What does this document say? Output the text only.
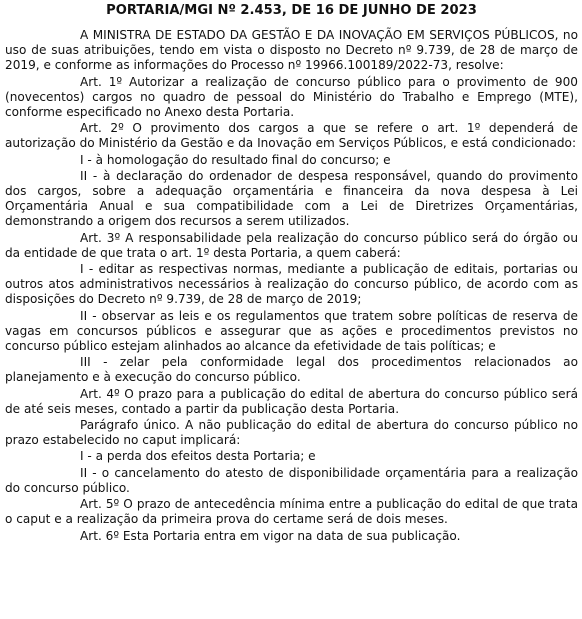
PORTARIA/MGI Nº 2.453, DE 16 DE JUNHO DE 2023

A MINISTRA DE ESTADO DA GESTÃO E DA INOVAÇÃO EM SERVIÇOS PÚBLICOS, no uso de suas atribuições, tendo em vista o disposto no Decreto nº 9.739, de 28 de março de 2019, e conforme as informações do Processo nº 19966.100189/2022-73, resolve:

Art. 1º Autorizar a realização de concurso público para o provimento de 900 (novecentos) cargos no quadro de pessoal do Ministério do Trabalho e Emprego (MTE), conforme especificado no Anexo desta Portaria.

Art. 2º O provimento dos cargos a que se refere o art. 1º dependerá de autorização do Ministério da Gestão e da Inovação em Serviços Públicos, e está condicionado:

I - à homologação do resultado final do concurso; e

II - à declaração do ordenador de despesa responsável, quando do provimento dos cargos, sobre a adequação orçamentária e financeira da nova despesa à Lei Orçamentária Anual e sua compatibilidade com a Lei de Diretrizes Orçamentárias, demonstrando a origem dos recursos a serem utilizados.

Art. 3º A responsabilidade pela realização do concurso público será do órgão ou da entidade de que trata o art. 1º desta Portaria, a quem caberá:

I - editar as respectivas normas, mediante a publicação de editais, portarias ou outros atos administrativos necessários à realização do concurso público, de acordo com as disposições do Decreto nº 9.739, de 28 de março de 2019;

II - observar as leis e os regulamentos que tratem sobre políticas de reserva de vagas em concursos públicos e assegurar que as ações e procedimentos previstos no concurso público estejam alinhados ao alcance da efetividade de tais políticas; e

III - zelar pela conformidade legal dos procedimentos relacionados ao planejamento e à execução do concurso público.

Art. 4º O prazo para a publicação do edital de abertura do concurso público será de até seis meses, contado a partir da publicação desta Portaria.

Parágrafo único. A não publicação do edital de abertura do concurso público no prazo estabelecido no caput implicará:

I - a perda dos efeitos desta Portaria; e

II - o cancelamento do atesto de disponibilidade orçamentária para a realização do concurso público.

Art. 5º O prazo de antecedência mínima entre a publicação do edital de que trata o caput e a realização da primeira prova do certame será de dois meses.

Art. 6º Esta Portaria entra em vigor na data de sua publicação.
